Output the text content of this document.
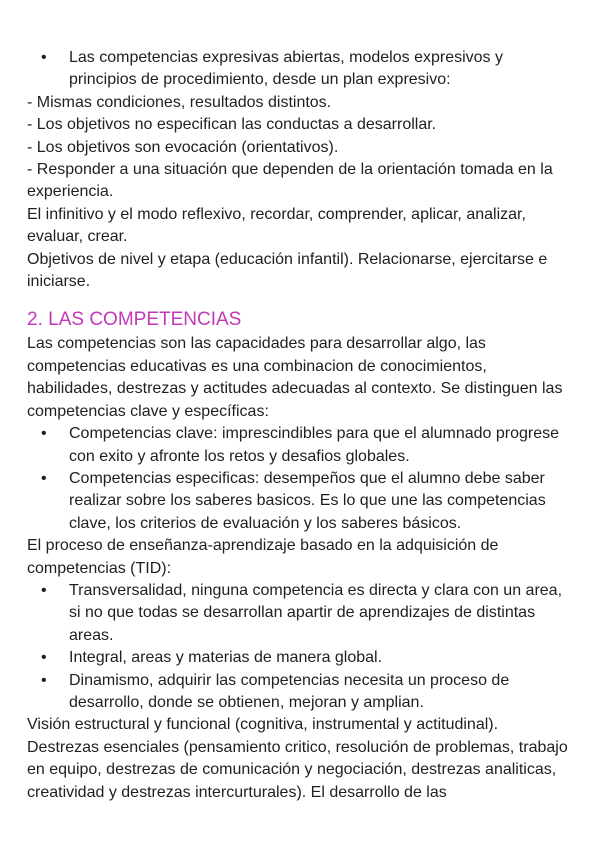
• Las competencias expresivas abiertas, modelos expresivos y principios de procedimiento, desde un plan expresivo:

- Mismas condiciones, resultados distintos.

- Los objetivos no especifican las conductas a desarrollar.

- Los objetivos son evocación (orientativos).

- Responder a una situación que dependen de la orientación tomada en la experiencia.

El infinitivo y el modo reflexivo, recordar, comprender, aplicar, analizar, evaluar, crear.

Objetivos de nivel y etapa (educación infantil). Relacionarse, ejercitarse e iniciarse.

2. LAS COMPETENCIAS

Las competencias son las capacidades para desarrollar algo, las competencias educativas es una combinacion de conocimientos, habilidades, destrezas y actitudes adecuadas al contexto. Se distinguen las competencias clave y específicas:

• Competencias clave: imprescindibles para que el alumnado progrese con exito y afronte los retos y desafios globales.
• Competencias especificas: desempeños que el alumno debe saber realizar sobre los saberes basicos. Es lo que une las competencias clave, los criterios de evaluación y los saberes básicos.

El proceso de enseñanza-aprendizaje basado en la adquisición de competencias (TID):

• Transversalidad, ninguna competencia es directa y clara con un area, si no que todas se desarrollan apartir de aprendizajes de distintas areas.
• Integral, areas y materias de manera global.
• Dinamismo, adquirir las competencias necesita un proceso de desarrollo, donde se obtienen, mejoran y amplian.

Visión estructural y funcional (cognitiva, instrumental y actitudinal).

Destrezas esenciales (pensamiento critico, resolución de problemas, trabajo en equipo, destrezas de comunicación y negociación, destrezas analiticas, creatividad y destrezas intercurturales). El desarrollo de las
